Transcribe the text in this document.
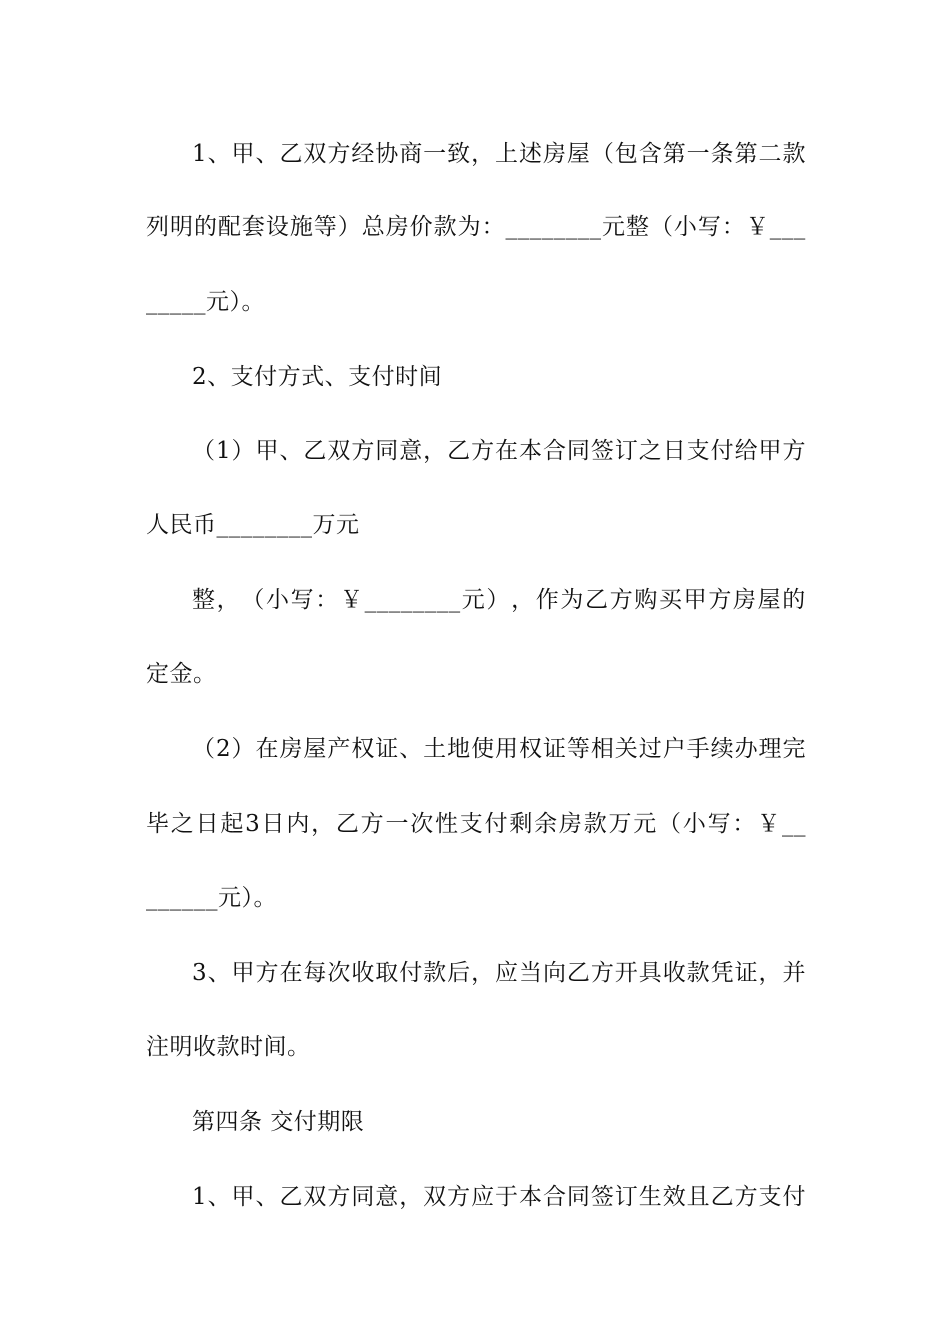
1 、 甲 、 乙 双 方 经 协 商 一 致 ， 上 述 房 屋 （ 包 含 第 一 条 第 二 款
列 明 的 配 套 设 施 等 ） 总 房 价 款 为 ： ________ 元 整 （ 小 写 ： ￥ ___
_____元）。
2、支付方式、支付时间
（ 1 ） 甲 、 乙 双 方 同 意 ， 乙 方 在 本 合 同 签 订 之 日 支 付 给 甲 方
人民币________万元
整 ， （ 小 写 ： ￥ ________ 元 ） ， 作 为 乙 方 购 买 甲 方 房 屋 的
定金。
（ 2 ） 在 房 屋 产 权 证 、 土 地 使 用 权 证 等 相 关 过 户 手 续 办 理 完
毕 之 日 起 3 日 内 ， 乙 方 一 次 性 支 付 剩 余 房 款 万 元 （ 小 写 ： ￥ __
______元）。
3 、 甲 方 在 每 次 收 取 付 款 后 ， 应 当 向 乙 方 开 具 收 款 凭 证 ， 并
注明收款时间。
第四条 交付期限
1 、 甲 、 乙 双 方 同 意 ， 双 方 应 于 本 合 同 签 订 生 效 且 乙 方 支 付
